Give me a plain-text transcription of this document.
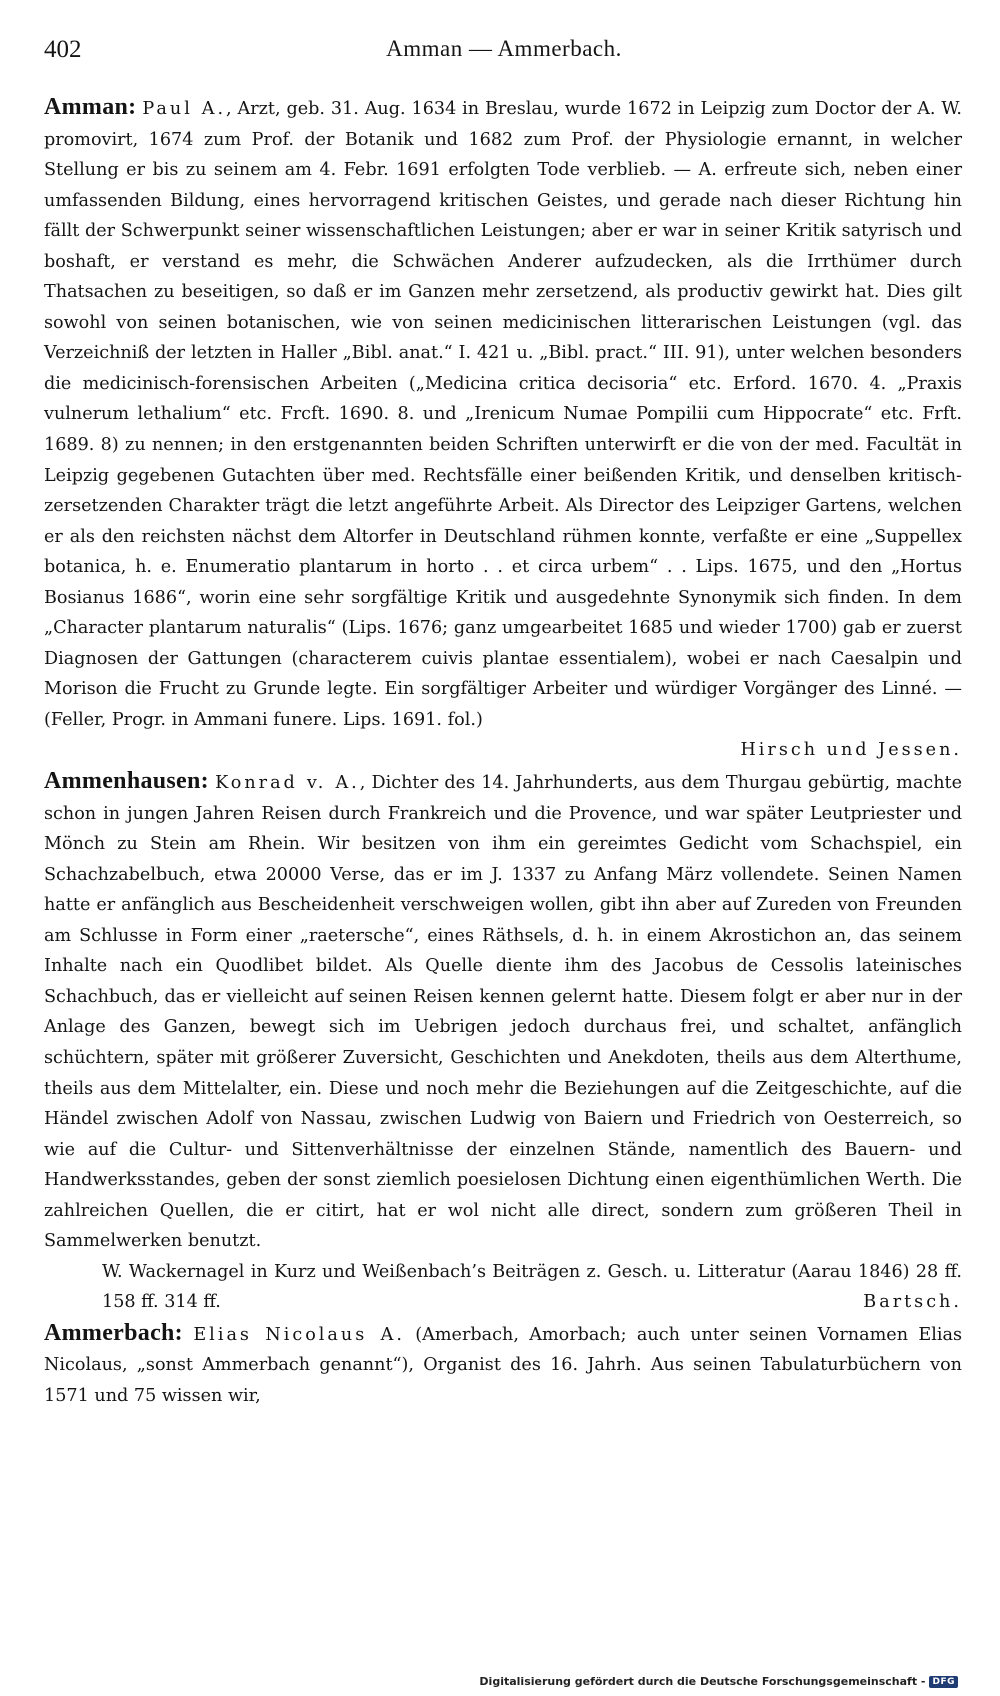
402	Amman — Ammerbach.

Amman: Paul A., Arzt, geb. 31. Aug. 1634 in Breslau, wurde 1672 in Leipzig zum Doctor der A. W. promovirt, 1674 zum Prof. der Botanik und 1682 zum Prof. der Physiologie ernannt, in welcher Stellung er bis zu seinem am 4. Febr. 1691 erfolgten Tode verblieb. — A. erfreute sich, neben einer umfassenden Bildung, eines hervorragend kritischen Geistes, und gerade nach dieser Richtung hin fällt der Schwerpunkt seiner wissenschaftlichen Leistungen; aber er war in seiner Kritik satyrisch und boshaft, er verstand es mehr, die Schwächen Anderer aufzudecken, als die Irrthümer durch Thatsachen zu beseitigen, so daß er im Ganzen mehr zersetzend, als productiv gewirkt hat. Dies gilt sowohl von seinen botanischen, wie von seinen medicinischen litterarischen Leistungen (vgl. das Verzeichniß der letzten in Haller „Bibl. anat.“ I. 421 u. „Bibl. pract.“ III. 91), unter welchen besonders die medicinisch-forensischen Arbeiten („Medicina critica decisoria“ etc. Erford. 1670. 4. „Praxis vulnerum lethalium“ etc. Frcft. 1690. 8. und „Irenicum Numae Pompilii cum Hippocrate“ etc. Frft. 1689. 8) zu nennen; in den erstgenannten beiden Schriften unterwirft er die von der med. Facultät in Leipzig gegebenen Gutachten über med. Rechtsfälle einer beißenden Kritik, und denselben kritisch-zersetzenden Charakter trägt die letzt angeführte Arbeit. Als Director des Leipziger Gartens, welchen er als den reichsten nächst dem Altorfer in Deutschland rühmen konnte, verfaßte er eine „Suppellex botanica, h. e. Enumeratio plantarum in horto . . et circa urbem“ . . Lips. 1675, und den „Hortus Bosianus 1686“, worin eine sehr sorgfältige Kritik und ausgedehnte Synonymik sich finden. In dem „Character plantarum naturalis“ (Lips. 1676; ganz umgearbeitet 1685 und wieder 1700) gab er zuerst Diagnosen der Gattungen (characterem cuivis plantae essentialem), wobei er nach Caesalpin und Morison die Frucht zu Grunde legte. Ein sorgfältiger Arbeiter und würdiger Vorgänger des Linné. — (Feller, Progr. in Ammani funere. Lips. 1691. fol.)

Hirsch und Jessen.

Ammenhausen: Konrad v. A., Dichter des 14. Jahrhunderts, aus dem Thurgau gebürtig, machte schon in jungen Jahren Reisen durch Frankreich und die Provence, und war später Leutpriester und Mönch zu Stein am Rhein. Wir besitzen von ihm ein gereimtes Gedicht vom Schachspiel, ein Schachzabelbuch, etwa 20000 Verse, das er im J. 1337 zu Anfang März vollendete. Seinen Namen hatte er anfänglich aus Bescheidenheit verschweigen wollen, gibt ihn aber auf Zureden von Freunden am Schlusse in Form einer „raetersche“, eines Räthsels, d. h. in einem Akrostichon an, das seinem Inhalte nach ein Quodlibet bildet. Als Quelle diente ihm des Jacobus de Cessolis lateinisches Schachbuch, das er vielleicht auf seinen Reisen kennen gelernt hatte. Diesem folgt er aber nur in der Anlage des Ganzen, bewegt sich im Uebrigen jedoch durchaus frei, und schaltet, anfänglich schüchtern, später mit größerer Zuversicht, Geschichten und Anekdoten, theils aus dem Alterthume, theils aus dem Mittelalter, ein. Diese und noch mehr die Beziehungen auf die Zeitgeschichte, auf die Händel zwischen Adolf von Nassau, zwischen Ludwig von Baiern und Friedrich von Oesterreich, so wie auf die Cultur- und Sittenverhältnisse der einzelnen Stände, namentlich des Bauern- und Handwerksstandes, geben der sonst ziemlich poesielosen Dichtung einen eigenthümlichen Werth. Die zahlreichen Quellen, die er citirt, hat er wol nicht alle direct, sondern zum größeren Theil in Sammelwerken benutzt.

W. Wackernagel in Kurz und Weißenbach’s Beiträgen z. Gesch. u. Litteratur (Aarau 1846) 28 ff. 158 ff. 314 ff.	Bartsch.

Ammerbach: Elias Nicolaus A. (Amerbach, Amorbach; auch unter seinen Vornamen Elias Nicolaus, „sonst Ammerbach genannt“), Organist des 16. Jahrh. Aus seinen Tabulaturbüchern von 1571 und 75 wissen wir,

Digitalisierung gefördert durch die Deutsche Forschungsgemeinschaft - DFG
